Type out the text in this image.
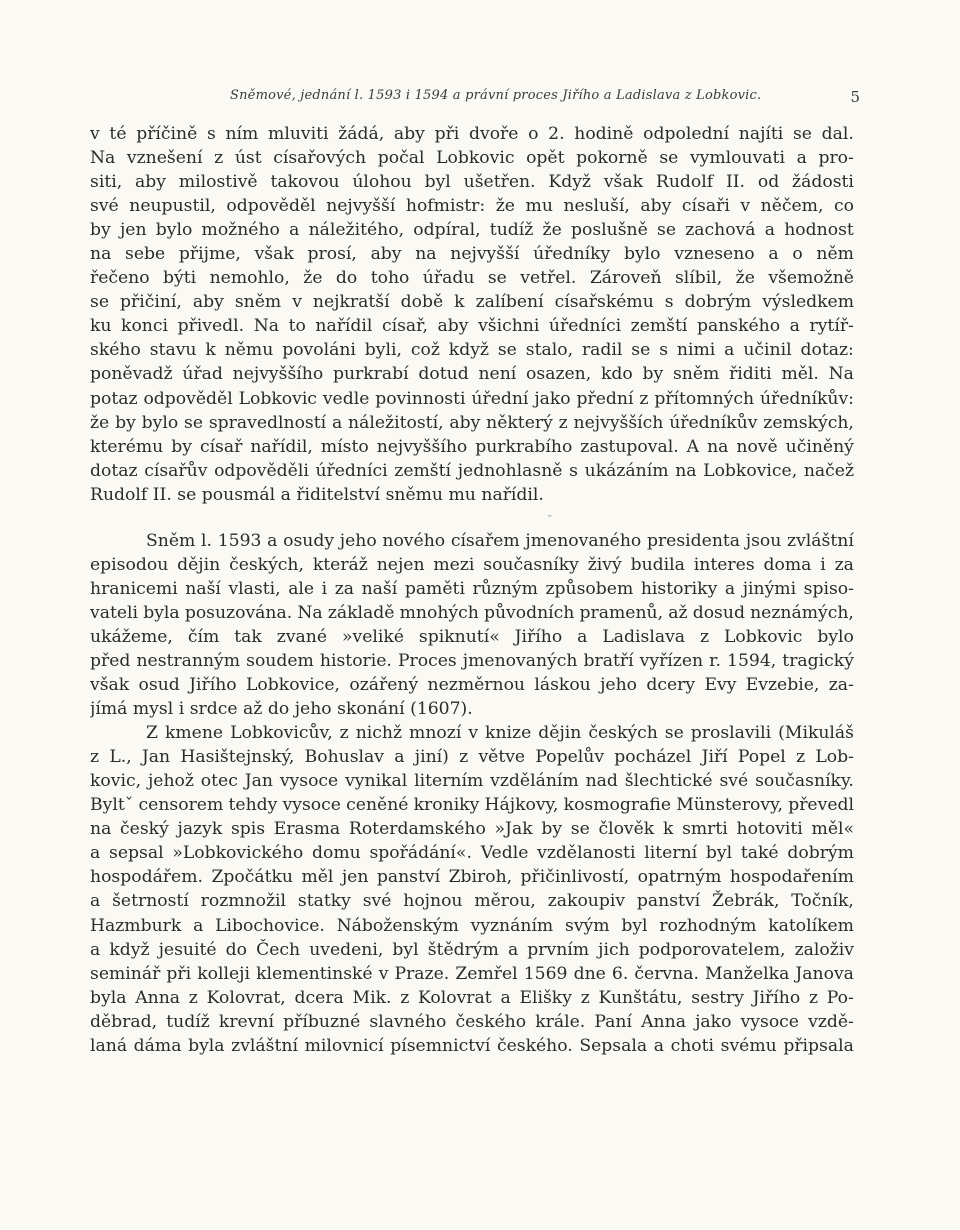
Sněmové, jednání l. 1593 i 1594 a právní proces Jiřího a Ladislava z Lobkovic.	5
v té příčině s ním mluviti žádá, aby při dvoře o 2. hodině odpolední najíti se dal.
Na vznešení z úst císařových počal Lobkovic opět pokorně se vymlouvati a pro-
siti, aby milostivě takovou úlohou byl ušetřen. Když však Rudolf II. od žádosti
své neupustil, odpověděl nejvyšší hofmistr: že mu nesluší, aby císaři v něčem, co
by jen bylo možného a náležitého, odpíral, tudíž že poslušně se zachová a hodnost
na sebe přijme, však prosí, aby na nejvyšší úředníky bylo vzneseno a o něm
řečeno býti nemohlo, že do toho úřadu se vetřel. Zároveň slíbil, že všemožně
se přičiní, aby sněm v nejkratší době k zalíbení císařskému s dobrým výsledkem
ku konci přivedl. Na to nařídil císař, aby všichni úředníci zemští panského a rytíř-
ského stavu k němu povoláni byli, což když se stalo, radil se s nimi a učinil dotaz:
poněvadž úřad nejvyššího purkrabí dotud není osazen, kdo by sněm řiditi měl. Na
potaz odpověděl Lobkovic vedle povinnosti úřední jako přední z přítomných úředníkův:
že by bylo se spravedlností a náležitostí, aby některý z nejvyšších úředníkův zemských,
kterému by císař nařídil, místo nejvyššího purkrabího zastupoval. A na nově učiněný
dotaz císařův odpověděli úředníci zemští jednohlasně s ukázáním na Lobkovice, načež
Rudolf II. se pousmál a řiditelství sněmu mu nařídil.
˘
Sněm l. 1593 a osudy jeho nového císařem jmenovaného presidenta jsou zvláštní
episodou dějin českých, kteráž nejen mezi současníky živý budila interes doma i za
hranicemi naší vlasti, ale i za naší paměti různým způsobem historiky a jinými spiso-
vateli byla posuzována. Na základě mnohých původních pramenů, až dosud neznámých,
ukážeme, čím tak zvané »veliké spiknutí« Jiřího a Ladislava z Lobkovic bylo
před nestranným soudem historie. Proces jmenovaných bratří vyřízen r. 1594, tragický
však osud Jiřího Lobkovice, ozářený nezměrnou láskou jeho dcery Evy Evzebie, za-
jímá mysl i srdce až do jeho skonání (1607).
Z kmene Lobkovicův, z nichž mnozí v knize dějin českých se proslavili (Mikuláš
z L., Jan Hasištejnský, Bohuslav a jiní) z větve Popelův pocházel Jiří Popel z Lob-
kovic, jehož otec Jan vysoce vynikal literním vzděláním nad šlechtické své současníky.
Byltˇ censorem tehdy vysoce ceněné kroniky Hájkovy, kosmografie Münsterovy, převedl
na český jazyk spis Erasma Roterdamského »Jak by se člověk k smrti hotoviti měl«
a sepsal »Lobkovického domu spořádání«. Vedle vzdělanosti literní byl také dobrým
hospodářem. Zpočátku měl jen panství Zbiroh, přičinlivostí, opatrným hospodařením
a šetrností rozmnožil statky své hojnou měrou, zakoupiv panství Žebrák, Točník,
Hazmburk a Libochovice. Náboženským vyznáním svým byl rozhodným katolíkem
a když jesuité do Čech uvedeni, byl štědrým a prvním jich podporovatelem, založiv
seminář při kolleji klementinské v Praze. Zemřel 1569 dne 6. června. Manželka Janova
byla Anna z Kolovrat, dcera Mik. z Kolovrat a Elišky z Kunštátu, sestry Jiřího z Po-
děbrad, tudíž krevní příbuzné slavného českého krále. Paní Anna jako vysoce vzdě-
laná dáma byla zvláštní milovnicí písemnictví českého. Sepsala a choti svému připsala
